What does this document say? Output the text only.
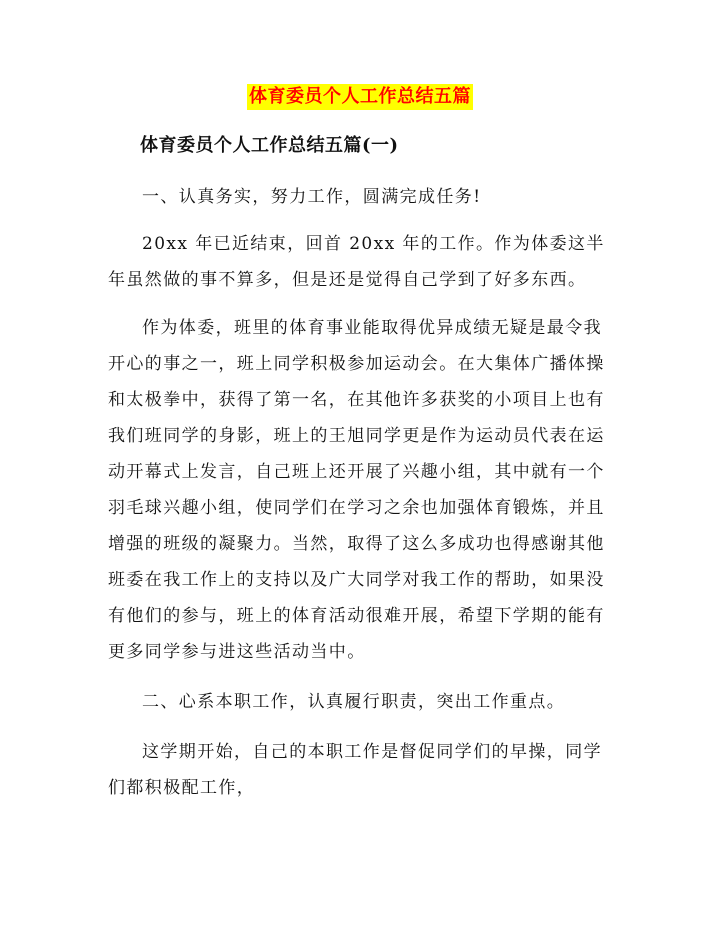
体育委员个人工作总结五篇
体育委员个人工作总结五篇(一)

一、认真务实，努力工作，圆满完成任务!

20xx 年已近结束，回首 20xx 年的工作。作为体委这半年虽然做的事不算多，但是还是觉得自己学到了好多东西。

作为体委，班里的体育事业能取得优异成绩无疑是最令我开心的事之一，班上同学积极参加运动会。在大集体广播体操和太极拳中，获得了第一名，在其他许多获奖的小项目上也有我们班同学的身影，班上的王旭同学更是作为运动员代表在运动开幕式上发言，自己班上还开展了兴趣小组，其中就有一个羽毛球兴趣小组，使同学们在学习之余也加强体育锻炼，并且增强的班级的凝聚力。当然，取得了这么多成功也得感谢其他班委在我工作上的支持以及广大同学对我工作的帮助，如果没有他们的参与，班上的体育活动很难开展，希望下学期的能有更多同学参与进这些活动当中。

二、心系本职工作，认真履行职责，突出工作重点。

这学期开始，自己的本职工作是督促同学们的早操，同学们都积极配工作，
